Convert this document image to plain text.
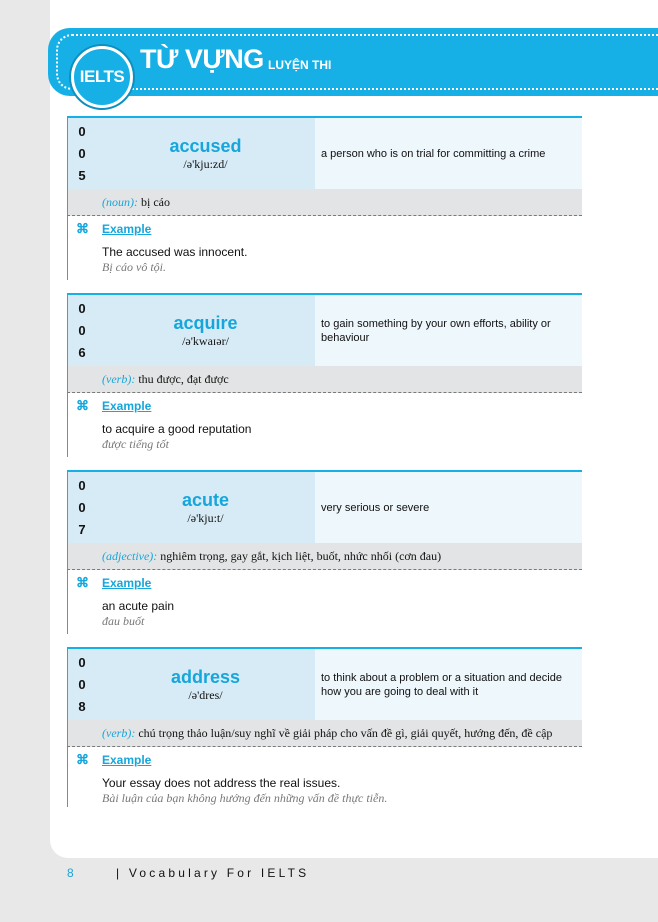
IELTS
TỪ VỰNG LUYỆN THI
0
0
5
accused
/ə'kju:zd/
a person who is on trial for committing a crime
(noun): bị cáo
⌘ Example
The accused was innocent.
Bị cáo vô tội.
0
0
6
acquire
/ə'kwaɪər/
to gain something by your own efforts, ability or behaviour
(verb): thu được, đạt được
⌘ Example
to acquire a good reputation
được tiếng tốt
0
0
7
acute
/ə'kju:t/
very serious or severe
(adjective): nghiêm trọng, gay gắt, kịch liệt, buốt, nhức nhối (cơn đau)
⌘ Example
an acute pain
đau buốt
0
0
8
address
/ə'dres/
to think about a problem or a situation and decide how you are going to deal with it
(verb): chú trọng thảo luận/suy nghĩ về giải pháp cho vấn đề gì, giải quyết, hướng đến, đề cập
⌘ Example
Your essay does not address the real issues.
Bài luận của bạn không hướng đến những vấn đề thực tiễn.
8	| Vocabulary For IELTS
